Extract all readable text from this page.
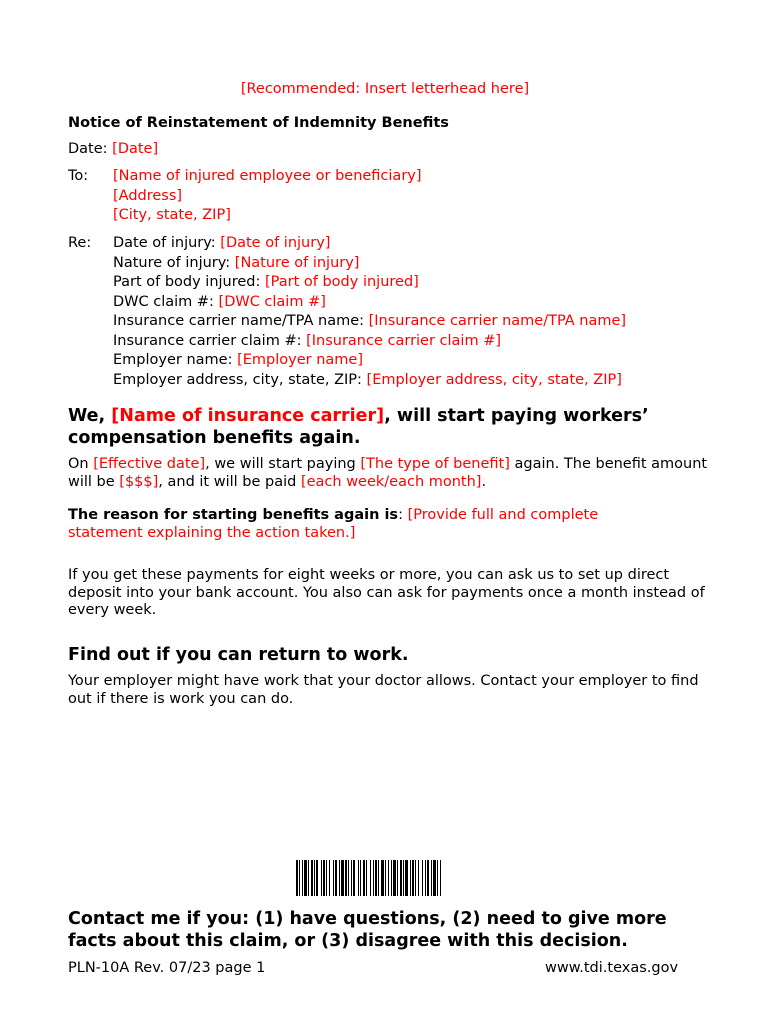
[Recommended: Insert letterhead here]
Notice of Reinstatement of Indemnity Benefits
Date: [Date]
To: [Name of injured employee or beneficiary]
[Address]
[City, state, ZIP]
Re: Date of injury: [Date of injury]
Nature of injury: [Nature of injury]
Part of body injured: [Part of body injured]
DWC claim #: [DWC claim #]
Insurance carrier name/TPA name: [Insurance carrier name/TPA name]
Insurance carrier claim #: [Insurance carrier claim #]
Employer name: [Employer name]
Employer address, city, state, ZIP: [Employer address, city, state, ZIP]
We, [Name of insurance carrier], will start paying workers’ compensation benefits again.
On [Effective date], we will start paying [The type of benefit] again. The benefit amount will be [$$$], and it will be paid [each week/each month].
The reason for starting benefits again is: [Provide full and complete statement explaining the action taken.]
If you get these payments for eight weeks or more, you can ask us to set up direct deposit into your bank account. You also can ask for payments once a month instead of every week.
Find out if you can return to work.
Your employer might have work that your doctor allows. Contact your employer to find out if there is work you can do.
Contact me if you: (1) have questions, (2) need to give more facts about this claim, or (3) disagree with this decision.
PLN-10A Rev. 07/23 page 1	www.tdi.texas.gov
